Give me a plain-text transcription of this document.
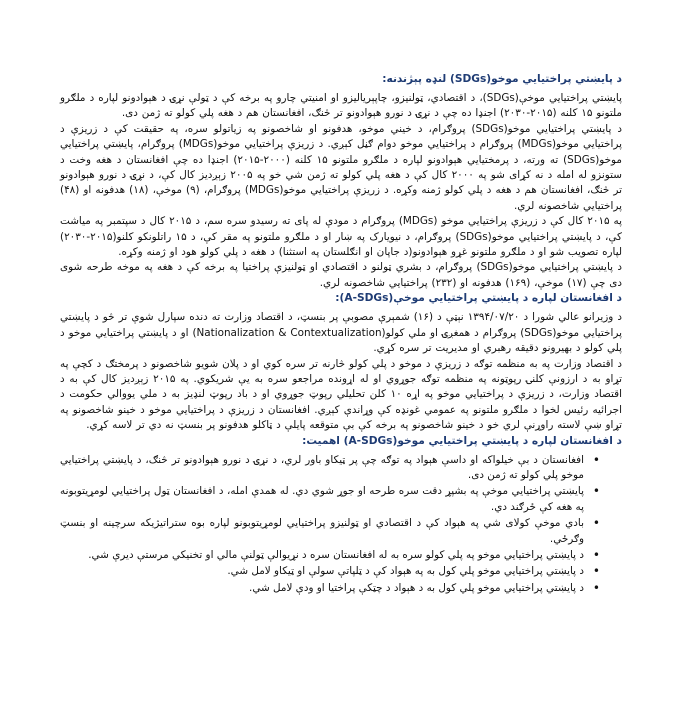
د پایښتي پراختیایي موخو(SDGs) لنډه پېژندنه:

پایښتي پراختیایي موخې(SDGs)، د اقتصادي، ټولنیزو، چاپېریالیزو او امنیتي چارو په برخه کې د ټولې نړۍ د هېوادونو لپاره د ملګرو ملتونو ۱۵ کلنه (۲۰۱۵-۲۰۳۰) اجنډا ده چې د نړۍ د نورو هېوادونو تر څنګ، افغانستان هم د هغه پلي کولو ته ژمن دی.

د پایښتي پراختیایي موخو(SDGs) پروګرام، د خیني موخو، هدفونو او شاخصونو په زیاتولو سره، په حقیقت کې د زریزې د پراختیایي موخو(MDGs) پروګرام د پراختیایي موخو دوام ګڼل کېږي. د زریزې پراختیایي موخو(MDGs) پروګرام، پایښتي پراختیایي موخو(SDGs) ته ورته، د پرمختیایي هېوادونو لپاره د ملګرو ملتونو ۱۵ کلنه (۲۰۰۰-۲۰۱۵) اجنډا ده چې افغانستان د هغه وخت د ستونزو له امله د نه کړای شو په ۲۰۰۰ کال کې د هغه پلي کولو ته ژمن شي خو په ۲۰۰۵ زېږدیز کال کې، د نړۍ د نورو هېوادونو تر څنګ، افغانستان هم د هغه د پلي کولو ژمنه وکړه. د زریزې پراختیایي موخو(MDGs) پروګرام، (۹) موخې، (۱۸) هدفونه او (۴۸) پراختیایي شاخصونه لري.

په ۲۰۱۵ کال کې د زریزې پراختیایي موخو (MDGs) پروګرام د مودې له پای ته رسیدو سره سم، د ۲۰۱۵ کال د سپتمبر په میاشت کې، د پایښتي پراختیایي موخو(SDGs) پروګرام، د نیویارک په ښار او د ملګرو ملتونو په مقر کې، د ۱۵ راتلونکو کلنو(۲۰۱۵-۲۰۳۰) لپاره تصویب شو او د ملګرو ملتونو غړو هېوادونو(د جاپان او انګلستان په استثنا) د هغه د پلي کولو هود او ژمنه وکړه.

د پایښتي پراختیایي موخو(SDGs) پروګرام، د بشري ټولنو د اقتصادي او ټولنیزې پراختیا په برخه کې د هغه په موخه طرحه شوی دی چې (۱۷) موخې، (۱۶۹) هدفونه او (۲۳۲) پراختیایي شاخصونه لري.

د افغانستان لپاره د پایښتي پراختیایي موخې(A-SDGs):

د وزیرانو عالي شورا د ۱۳۹۴/۰۷/۲۰ نېټې د (۱۶) شمېرې مصوبې پر بنسټ، د اقتصاد وزارت ته دنده سپارل شوې تر څو د پایښتي پراختیایي موخو(SDGs) پروګرام د همغږۍ او ملي کولو(Nationalization & Contextualization) او د پایښتي پراختیایي موخو د پلي کولو د بهیرونو دقیقه رهبري او مدیریت تر سره کړي.

د اقتصاد وزارت په به منظمه توګه د زریزې د موخو د پلي کولو څارنه تر سره کوي او د پلان شویو شاخصونو د پرمختګ د کچې په تړاو به د ارزونې کلنۍ رپوټونه په منظمه توګه جوړوي او له اړونده مراجعو سره به یې شریکوي. په ۲۰۱۵ زېږدیز کال کې به د اقتصاد وزارت، د زریزې د پراختیایي موخو په اړه ۱۰ کلن تحلیلي رپوټ جوړوي او د باد رپوټ لنډیز به د ملي یووالي حکومت د اجرائیه رئیس لخوا د ملګرو ملتونو په عمومي غونډه کې وړاندې کېږي. افغانستان د زریزې د پراختیایي موخو د خینو شاخصونو په تړاو ښې لاسته راوړنې لري خو د خینو شاخصونو په برخه کې بې متوقعه پایلې د ټاکلو هدفونو پر بنسټ نه دي تر لاسه کړي.

د افغانستان لپاره د پایښتي پراختیایي موخو(A-SDGs) اهمیت:
•
افغانستان د بې خیلواکه او داسې هېواد په توګه چې پر ټیکاو باور لري، د نړۍ د نورو هېوادونو تر څنګ، د پایښتي پراختیایي موخو پلي کولو ته ژمن دی.
•
پایښتي پراختیایي موخې په بشپړ دقت سره طرحه او جوړ شوي دي. له همدې امله، د افغانستان ټول پراختیایي لومړیتوبونه په هغه کې ځرګند دي.
•
بادي موخې کولای شي په هېواد کې د اقتصادي او ټولنیزو پراختیایي لومړیتوبونو لپاره بوه ستراتیژیکه سرچینه او بنسټ وګرځي.
•
د پایښتي پراختیایي موخو په پلي کولو سره به له افغانستان سره د نړیوالې ټولنې مالي او تخنیکي مرستې دیرې شي.
•
د پایښتي پراختیایي موخو پلي کول به په هېواد کې د ټلپاتې سولې او ټیکاو لامل شي.
•
د پایښتي پراختیایي موخو پلي کول به د هېواد د چټکې پراختیا او ودې لامل شي.
